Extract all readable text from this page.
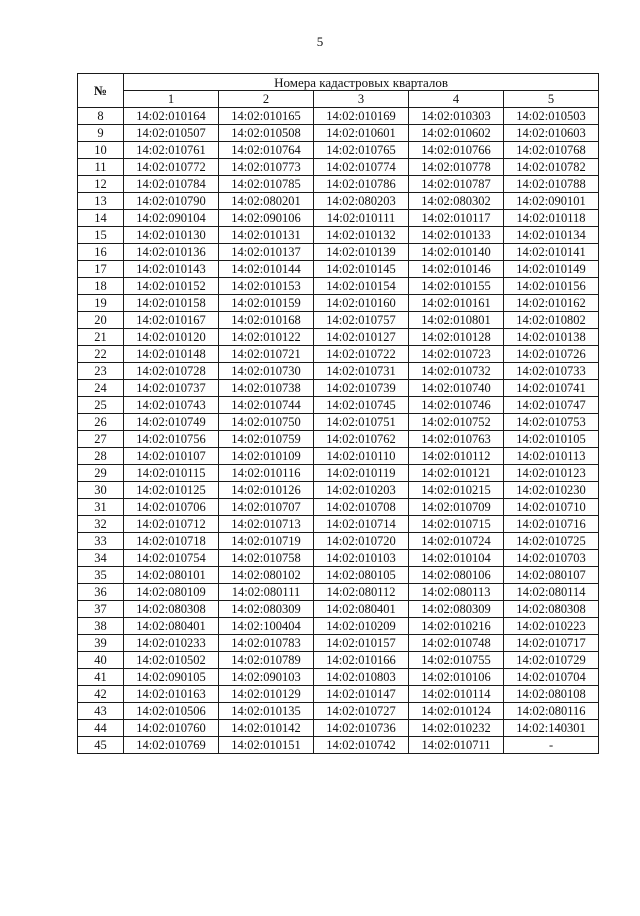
5
№	Номера кадастровых кварталов				
	1	2	3	4	5
8	14:02:010164	14:02:010165	14:02:010169	14:02:010303	14:02:010503
9	14:02:010507	14:02:010508	14:02:010601	14:02:010602	14:02:010603
10	14:02:010761	14:02:010764	14:02:010765	14:02:010766	14:02:010768
11	14:02:010772	14:02:010773	14:02:010774	14:02:010778	14:02:010782
12	14:02:010784	14:02:010785	14:02:010786	14:02:010787	14:02:010788
13	14:02:010790	14:02:080201	14:02:080203	14:02:080302	14:02:090101
14	14:02:090104	14:02:090106	14:02:010111	14:02:010117	14:02:010118
15	14:02:010130	14:02:010131	14:02:010132	14:02:010133	14:02:010134
16	14:02:010136	14:02:010137	14:02:010139	14:02:010140	14:02:010141
17	14:02:010143	14:02:010144	14:02:010145	14:02:010146	14:02:010149
18	14:02:010152	14:02:010153	14:02:010154	14:02:010155	14:02:010156
19	14:02:010158	14:02:010159	14:02:010160	14:02:010161	14:02:010162
20	14:02:010167	14:02:010168	14:02:010757	14:02:010801	14:02:010802
21	14:02:010120	14:02:010122	14:02:010127	14:02:010128	14:02:010138
22	14:02:010148	14:02:010721	14:02:010722	14:02:010723	14:02:010726
23	14:02:010728	14:02:010730	14:02:010731	14:02:010732	14:02:010733
24	14:02:010737	14:02:010738	14:02:010739	14:02:010740	14:02:010741
25	14:02:010743	14:02:010744	14:02:010745	14:02:010746	14:02:010747
26	14:02:010749	14:02:010750	14:02:010751	14:02:010752	14:02:010753
27	14:02:010756	14:02:010759	14:02:010762	14:02:010763	14:02:010105
28	14:02:010107	14:02:010109	14:02:010110	14:02:010112	14:02:010113
29	14:02:010115	14:02:010116	14:02:010119	14:02:010121	14:02:010123
30	14:02:010125	14:02:010126	14:02:010203	14:02:010215	14:02:010230
31	14:02:010706	14:02:010707	14:02:010708	14:02:010709	14:02:010710
32	14:02:010712	14:02:010713	14:02:010714	14:02:010715	14:02:010716
33	14:02:010718	14:02:010719	14:02:010720	14:02:010724	14:02:010725
34	14:02:010754	14:02:010758	14:02:010103	14:02:010104	14:02:010703
35	14:02:080101	14:02:080102	14:02:080105	14:02:080106	14:02:080107
36	14:02:080109	14:02:080111	14:02:080112	14:02:080113	14:02:080114
37	14:02:080308	14:02:080309	14:02:080401	14:02:080309	14:02:080308
38	14:02:080401	14:02:100404	14:02:010209	14:02:010216	14:02:010223
39	14:02:010233	14:02:010783	14:02:010157	14:02:010748	14:02:010717
40	14:02:010502	14:02:010789	14:02:010166	14:02:010755	14:02:010729
41	14:02:090105	14:02:090103	14:02:010803	14:02:010106	14:02:010704
42	14:02:010163	14:02:010129	14:02:010147	14:02:010114	14:02:080108
43	14:02:010506	14:02:010135	14:02:010727	14:02:010124	14:02:080116
44	14:02:010760	14:02:010142	14:02:010736	14:02:010232	14:02:140301
45	14:02:010769	14:02:010151	14:02:010742	14:02:010711	-
